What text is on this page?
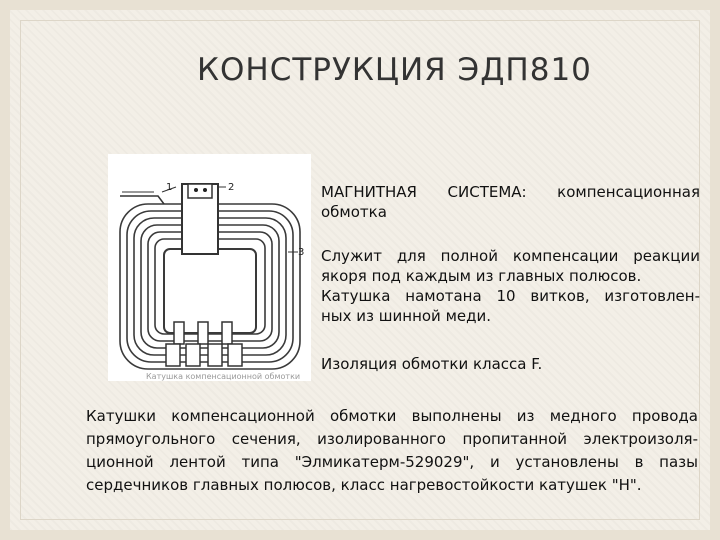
КОНСТРУКЦИЯ ЭДП810
1	2
3
Катушка компенсационной обмотки
МАГНИТНАЯ СИСТЕМА: компенсационная
обмотка
Служит для полной компенсации реакции
якоря под каждым из главных полюсов.
Катушка намотана 10 витков, изготовлен-
ных из шинной меди.
Изоляция обмотки класса F.
Катушки компенсационной обмотки выполнены из медного провода
прямоугольного сечения, изолированного пропитанной электроизоля-
ционной лентой типа "Элмикатерм-529029", и установлены в пазы
сердечников главных полюсов, класс нагревостойкости катушек "Н".
